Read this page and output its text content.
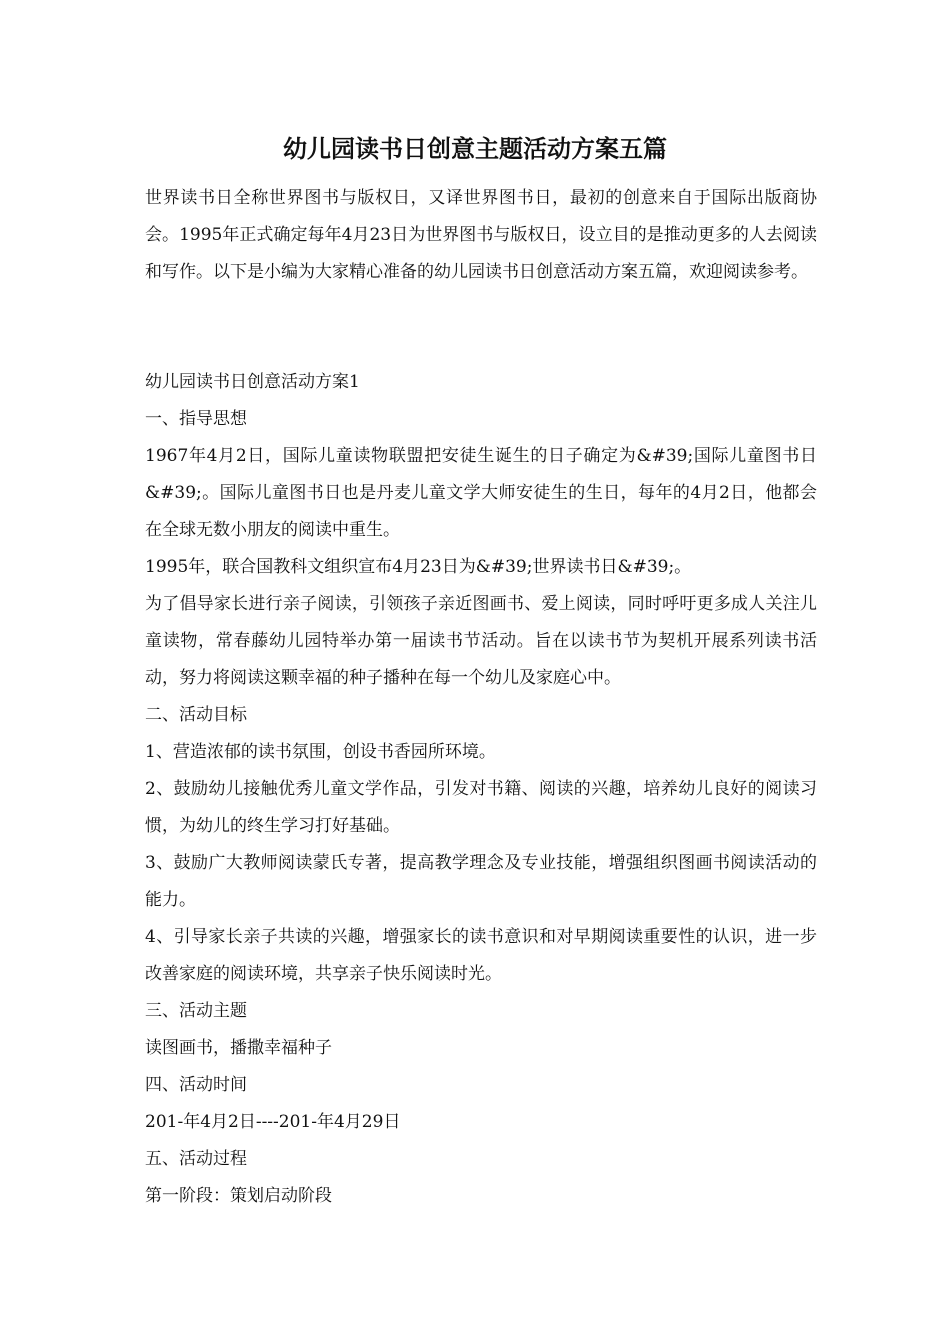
幼儿园读书日创意主题活动方案五篇

世界读书日全称世界图书与版权日，又译世界图书日，最初的创意来自于国际出版商协会。1995年正式确定每年4月23日为世界图书与版权日，设立目的是推动更多的人去阅读和写作。以下是小编为大家精心准备的幼儿园读书日创意活动方案五篇，欢迎阅读参考。

幼儿园读书日创意活动方案1

一、指导思想

1967年4月2日，国际儿童读物联盟把安徒生诞生的日子确定为&#39;国际儿童图书日&#39;。国际儿童图书日也是丹麦儿童文学大师安徒生的生日，每年的4月2日，他都会在全球无数小朋友的阅读中重生。

1995年，联合国教科文组织宣布4月23日为&#39;世界读书日&#39;。

为了倡导家长进行亲子阅读，引领孩子亲近图画书、爱上阅读，同时呼吁更多成人关注儿童读物，常春藤幼儿园特举办第一届读书节活动。旨在以读书节为契机开展系列读书活动，努力将阅读这颗幸福的种子播种在每一个幼儿及家庭心中。

二、活动目标

1、营造浓郁的读书氛围，创设书香园所环境。

2、鼓励幼儿接触优秀儿童文学作品，引发对书籍、阅读的兴趣，培养幼儿良好的阅读习惯，为幼儿的终生学习打好基础。

3、鼓励广大教师阅读蒙氏专著，提高教学理念及专业技能，增强组织图画书阅读活动的能力。

4、引导家长亲子共读的兴趣，增强家长的读书意识和对早期阅读重要性的认识，进一步改善家庭的阅读环境，共享亲子快乐阅读时光。

三、活动主题

读图画书，播撒幸福种子

四、活动时间

201-年4月2日----201-年4月29日

五、活动过程

第一阶段：策划启动阶段
